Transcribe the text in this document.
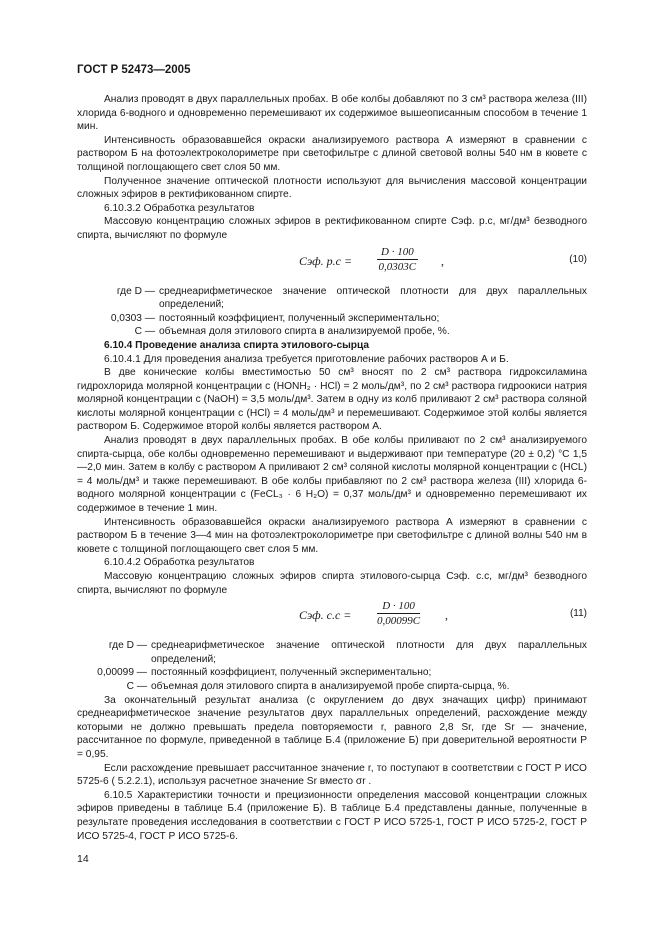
ГОСТ Р 52473—2005

Анализ проводят в двух параллельных пробах. В обе колбы добавляют по 3 см³ раствора железа (III) хлорида 6-водного и одновременно перемешивают их содержимое вышеописанным способом в течение 1 мин.

Интенсивность образовавшейся окраски анализируемого раствора А измеряют в сравнении с раствором Б на фотоэлектроколориметре при светофильтре с длиной световой волны 540 нм в кювете с толщиной поглощающего свет слоя 50 мм.

Полученное значение оптической плотности используют для вычисления массовой концентрации сложных эфиров в ректификованном спирте.

6.10.3.2 Обработка результатов

Массовую концентрацию сложных эфиров в ректификованном спирте Cэф. р.с, мг/дм³ безводного спирта, вычисляют по формуле

Cэф. $р.с = \frac{D \cdot 100}{0,0303C}$ ,	(10)
где D — среднеарифметическое значение оптической плотности для двух параллельных определений;
0,0303 — постоянный коэффициент, полученный экспериментально;
C — объемная доля этилового спирта в анализируемой пробе, %.

6.10.4 Проведение анализа спирта этилового-сырца

6.10.4.1 Для проведения анализа требуется приготовление рабочих растворов А и Б.

В две конические колбы вместимостью 50 см³ вносят по 2 см³ раствора гидроксиламина гидрохлорида молярной концентрации c (HONH₂ · HCl) = 2 моль/дм³, по 2 см³ раствора гидроокиси натрия молярной концентрации c (NaOH) = 3,5 моль/дм³. Затем в одну из колб приливают 2 см³ раствора соляной кислоты молярной концентрации c (HCl) = 4 моль/дм³ и перемешивают. Содержимое этой колбы является раствором Б. Содержимое второй колбы является раствором А.

Анализ проводят в двух параллельных пробах. В обе колбы приливают по 2 см³ анализируемого спирта-сырца, обе колбы одновременно перемешивают и выдерживают при температуре (20 ± 0,2) °С 1,5—2,0 мин. Затем в колбу с раствором А приливают 2 см³ соляной кислоты молярной концентрации c (HCL) = 4 моль/дм³ и также перемешивают. В обе колбы прибавляют по 2 см³ раствора железа (III) хлорида 6-водного молярной концентрации c (FeCL₃ · 6 H₂O) = 0,37 моль/дм³ и одновременно перемешивают их содержимое в течение 1 мин.

Интенсивность образовавшейся окраски анализируемого раствора А измеряют в сравнении с раствором Б в течение 3—4 мин на фотоэлектроколориметре при светофильтре с длиной волны 540 нм в кювете с толщиной поглощающего свет слоя 5 мм.

6.10.4.2 Обработка результатов

Массовую концентрацию сложных эфиров спирта этилового-сырца Cэф. с.с, мг/дм³ безводного спирта, вычисляют по формуле

Cэф. $с.с = \frac{D \cdot 100}{0,00099C}$ ,	(11)
где D — среднеарифметическое значение оптической плотности для двух параллельных определений;
0,00099 — постоянный коэффициент, полученный экспериментально;
C — объемная доля этилового спирта в анализируемой пробе спирта-сырца, %.

За окончательный результат анализа (с округлением до двух значащих цифр) принимают среднеарифметическое значение результатов двух параллельных определений, расхождение между которыми не должно превышать предела повторяемости r, равного 2,8 Sr, где Sr — значение, рассчитанное по формуле, приведенной в таблице Б.4 (приложение Б) при доверительной вероятности P = 0,95.

Если расхождение превышает рассчитанное значение r, то поступают в соответствии с ГОСТ Р ИСО 5725-6 ( 5.2.2.1), используя расчетное значение Sr вместо σr .

6.10.5 Характеристики точности и прецизионности определения массовой концентрации сложных эфиров приведены в таблице Б.4 (приложение Б). В таблице Б.4 представлены данные, полученные в результате проведения исследования в соответствии с ГОСТ Р ИСО 5725-1, ГОСТ Р ИСО 5725-2, ГОСТ Р ИСО 5725-4, ГОСТ Р ИСО 5725-6.

14
